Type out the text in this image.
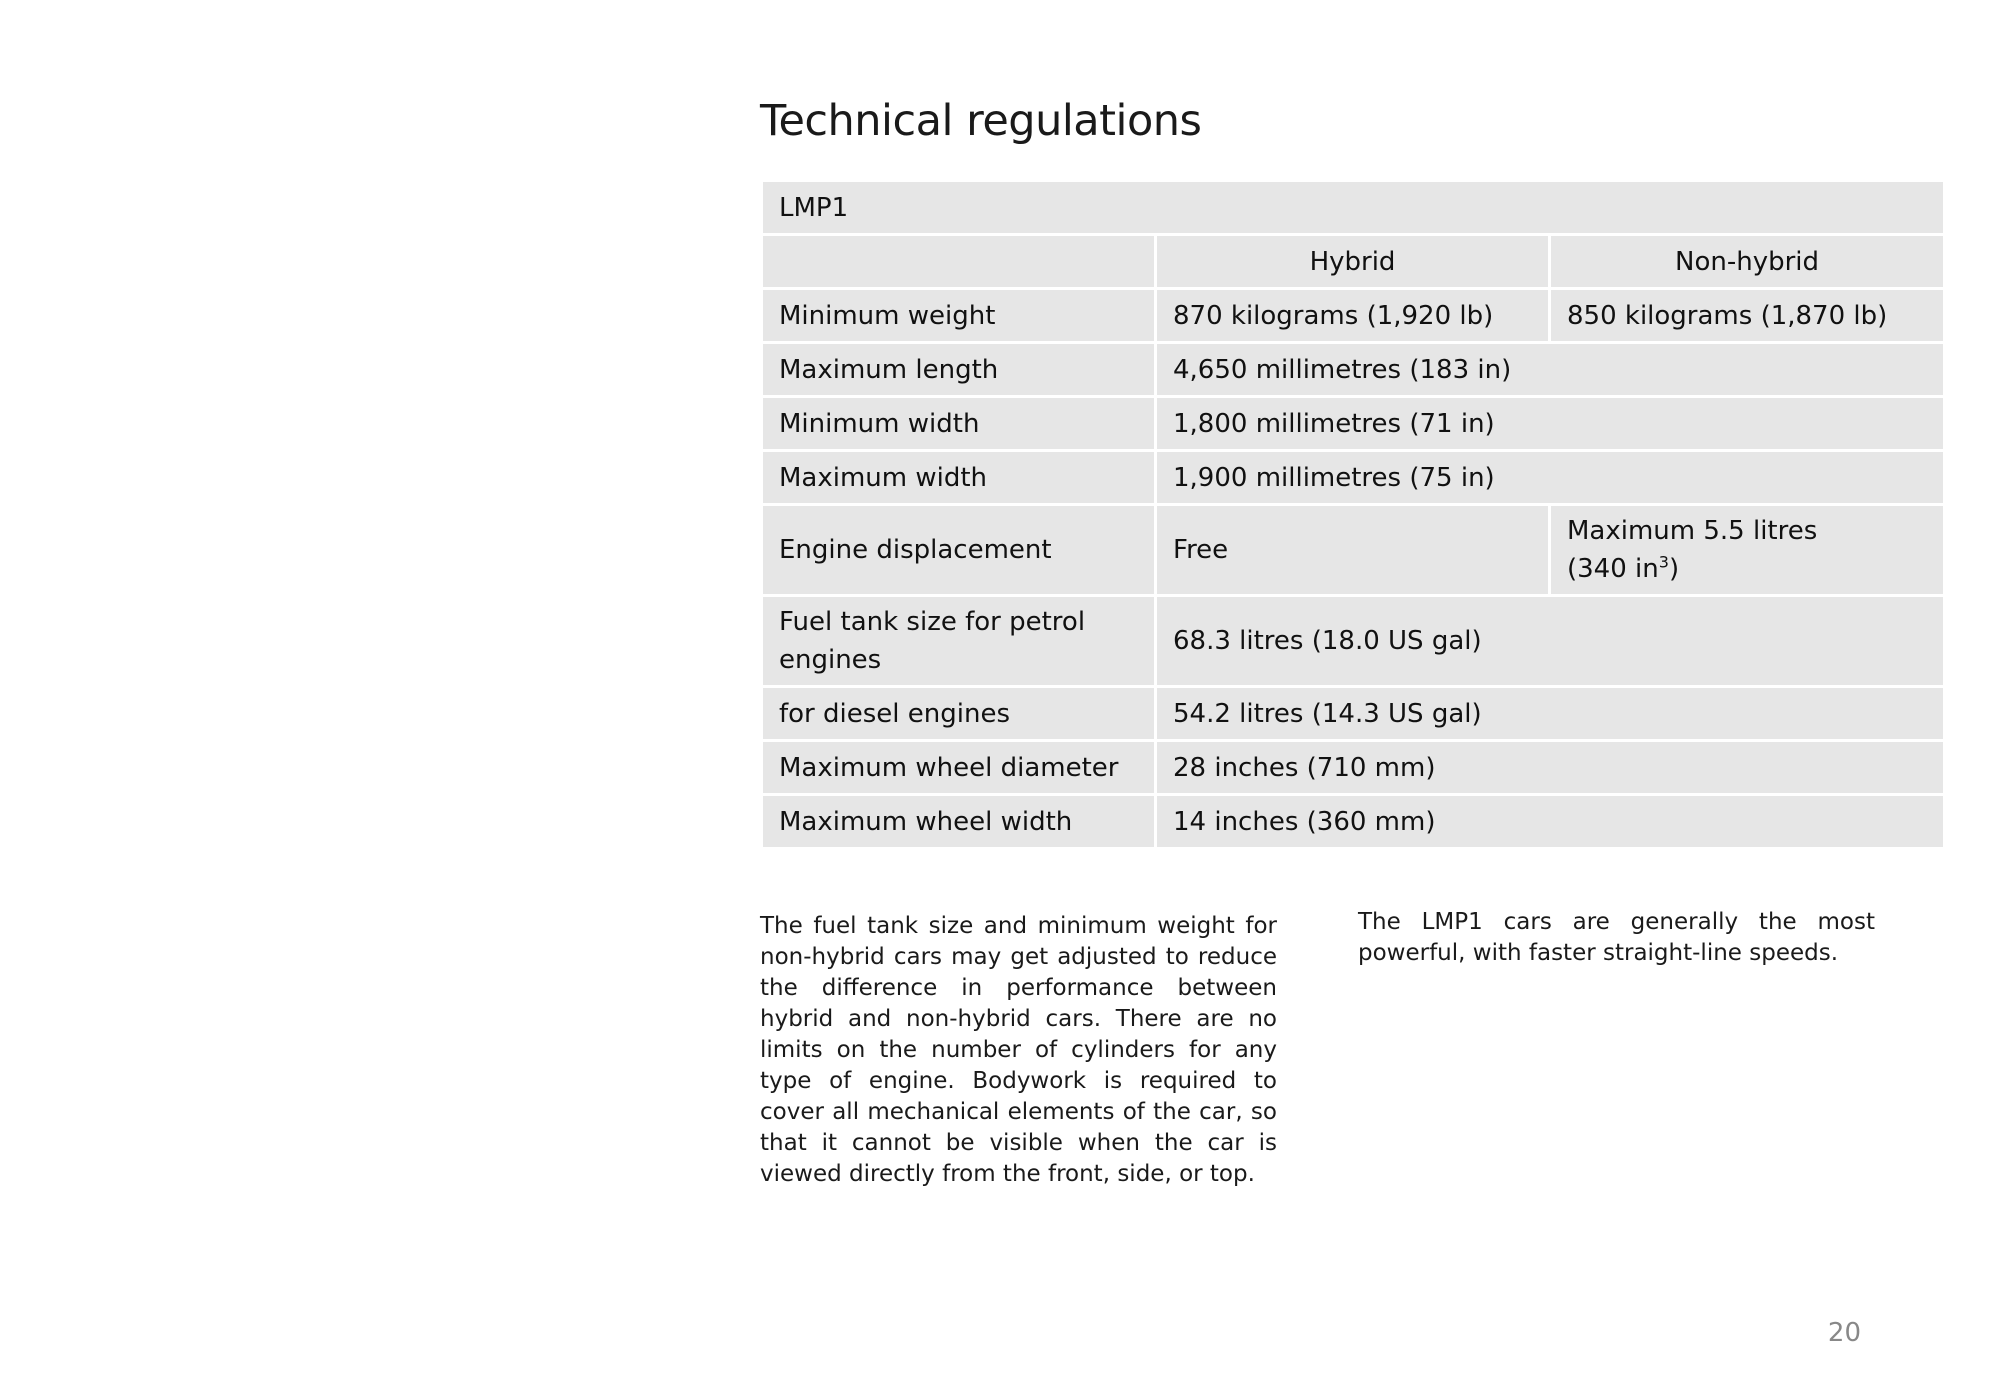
Technical regulations
LMP1		
	Hybrid	Non-hybrid
Minimum weight	870 kilograms (1,920 lb)	850 kilograms (1,870 lb)
Maximum length	4,650 millimetres (183 in)	
Minimum width	1,800 millimetres (71 in)	
Maximum width	1,900 millimetres (75 in)	
Engine displacement	Free	Maximum 5.5 litres
(340 $in^3$)
Fuel tank size for petrol
engines	68.3 litres (18.0 US gal)	
for diesel engines	54.2 litres (14.3 US gal)	
Maximum wheel diameter	28 inches (710 mm)	
Maximum wheel width	14 inches (360 mm)	

The fuel tank size and minimum weight for non-hybrid cars may get adjusted to reduce the difference in performance between hybrid and non-hybrid cars. There are no limits on the number of cylinders for any type of engine. Bodywork is required to cover all mechanical elements of the car, so that it cannot be visible when the car is viewed directly from the front, side, or top.

The LMP1 cars are generally the most powerful, with faster straight-line speeds.

20
